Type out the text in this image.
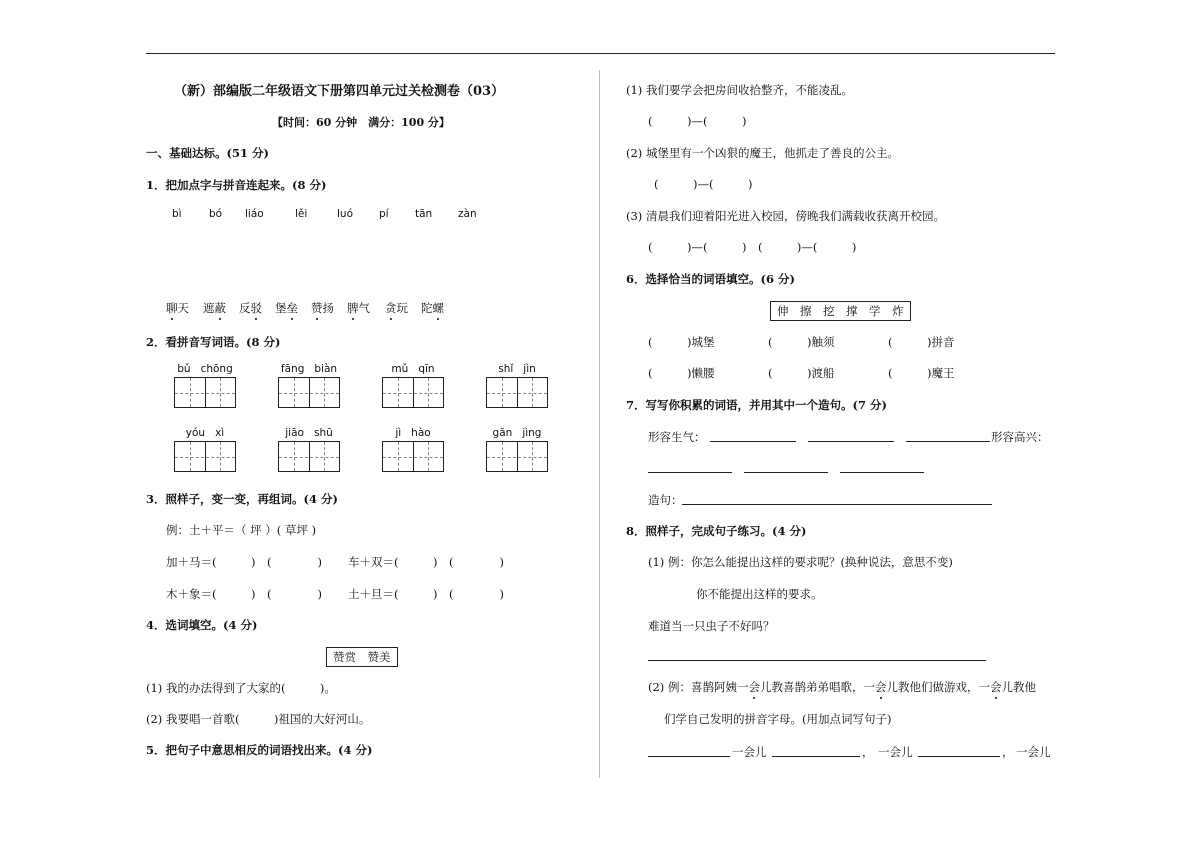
（新）部编版二年级语文下册第四单元过关检测卷（03）
【时间：60 分钟　满分：100 分】
一、基础达标。(51 分)
1．把加点字与拼音连起来。(8 分)
bì	bó liáo	lěi	luó pí	tān zàn
聊天 遮蔽 反驳 堡垒 赞扬 脾气 贪玩 陀螺
2．看拼音写词语。(8 分)
bǔ chōng	fāng biàn	mǔ qīn	shǐ jìn
yóu xì	jiāo shū	jì hào	gān jìng
3．照样子，变一变，再组词。(4 分)
例：土＋平＝（ 坪 ）( 草坪 )
加＋马＝(　　　)　(　　　　) 车＋双＝(　　　)　(　　　　)
木＋象＝(　　　)　(　　　　) 土＋旦＝(　　　)　(　　　　)
4．选词填空。(4 分)
赞赏　赞美
(1) 我的办法得到了大家的(　　　)。
(2) 我要唱一首歌(　　　)祖国的大好河山。
5．把句子中意思相反的词语找出来。(4 分)
(1) 我们要学会把房间收拾整齐，不能凌乱。
(　　　)—(　　　)
(2) 城堡里有一个凶狠的魔王，他抓走了善良的公主。
(　　　)—(　　　)
(3) 清晨我们迎着阳光进入校园，傍晚我们满载收获离开校园。
(　　　)—(　　　)　(　　　)—(　　　)
6．选择恰当的词语填空。(6 分)
伸　擦　挖　撑　学　炸
(　　　)城堡	(　　　)触须	(　　　)拼音
(　　　)懒腰	(　　　)渡船	(　　　)魔王
7．写写你积累的词语，并用其中一个造句。(7 分)
形容生气：	形容高兴：
造句：
8．照样子，完成句子练习。(4 分)
(1) 例：你怎么能提出这样的要求呢？(换种说法，意思不变)
你不能提出这样的要求。
难道当一只虫子不好吗？
(2) 例：喜鹊阿姨一会儿教喜鹊弟弟唱歌，一会儿教他们做游戏，一会儿教他
们学自己发明的拼音字母。(用加点词写句子)
一会儿	， 一会儿	， 一会儿
